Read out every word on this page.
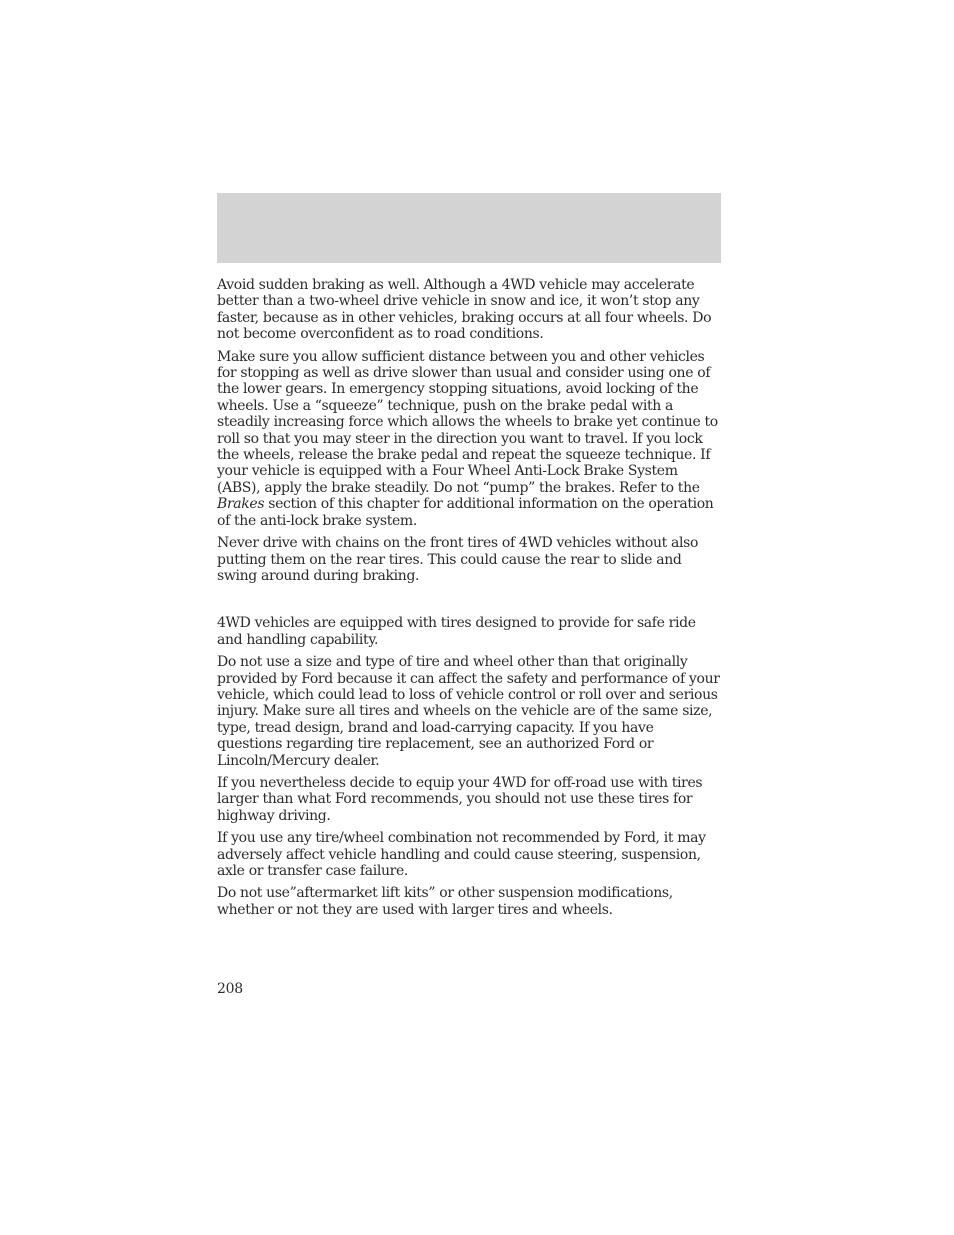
Avoid sudden braking as well. Although a 4WD vehicle may accelerate better than a two-wheel drive vehicle in snow and ice, it won’t stop any faster, because as in other vehicles, braking occurs at all four wheels. Do not become overconfident as to road conditions.

Make sure you allow sufficient distance between you and other vehicles for stopping as well as drive slower than usual and consider using one of the lower gears. In emergency stopping situations, avoid locking of the wheels. Use a “squeeze” technique, push on the brake pedal with a steadily increasing force which allows the wheels to brake yet continue to roll so that you may steer in the direction you want to travel. If you lock the wheels, release the brake pedal and repeat the squeeze technique. If your vehicle is equipped with a Four Wheel Anti-Lock Brake System (ABS), apply the brake steadily. Do not “pump” the brakes. Refer to the Brakes section of this chapter for additional information on the operation of the anti-lock brake system.

Never drive with chains on the front tires of 4WD vehicles without also putting them on the rear tires. This could cause the rear to slide and swing around during braking.

4WD vehicles are equipped with tires designed to provide for safe ride and handling capability.

Do not use a size and type of tire and wheel other than that originally provided by Ford because it can affect the safety and performance of your vehicle, which could lead to loss of vehicle control or roll over and serious injury. Make sure all tires and wheels on the vehicle are of the same size, type, tread design, brand and load-carrying capacity. If you have questions regarding tire replacement, see an authorized Ford or Lincoln/Mercury dealer.

If you nevertheless decide to equip your 4WD for off-road use with tires larger than what Ford recommends, you should not use these tires for highway driving.

If you use any tire/wheel combination not recommended by Ford, it may adversely affect vehicle handling and could cause steering, suspension, axle or transfer case failure.

Do not use”aftermarket lift kits” or other suspension modifications, whether or not they are used with larger tires and wheels.

208
